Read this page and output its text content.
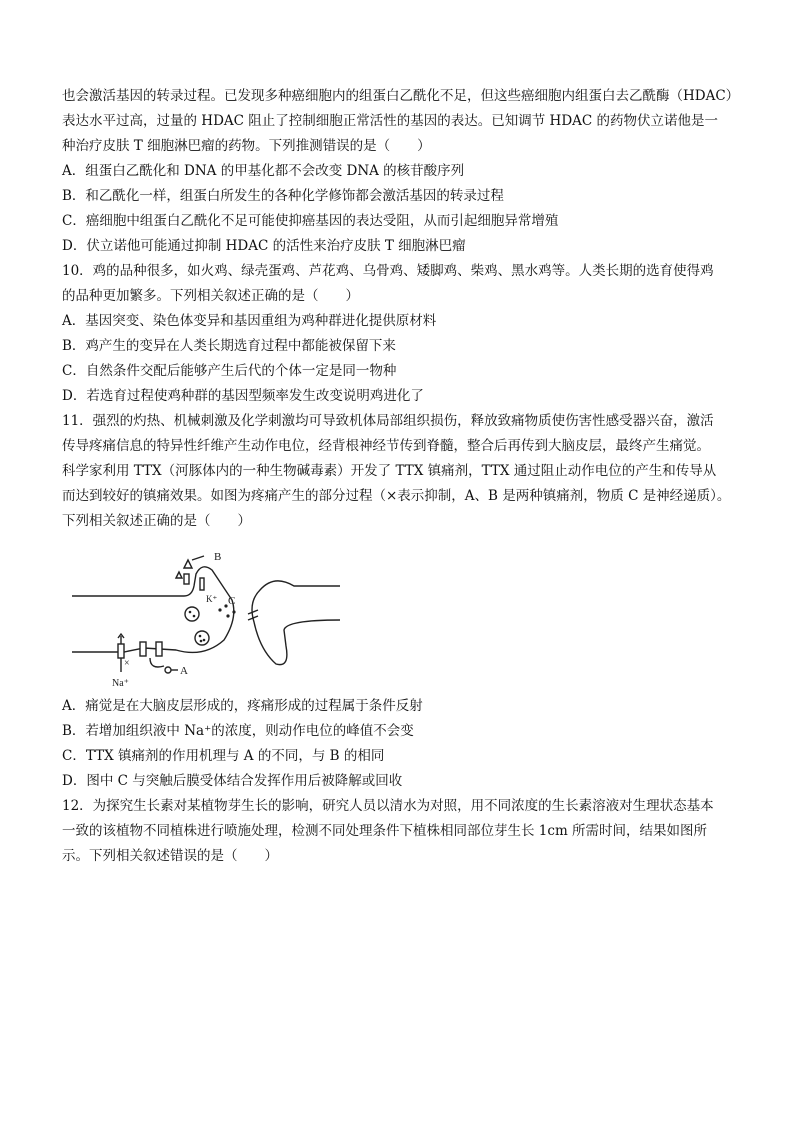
也会激活基因的转录过程。已发现多种癌细胞内的组蛋白乙酰化不足，但这些癌细胞内组蛋白去乙酰酶（HDAC）
表达水平过高，过量的 HDAC 阻止了控制细胞正常活性的基因的表达。已知调节 HDAC 的药物伏立诺他是一
种治疗皮肤 T 细胞淋巴瘤的药物。下列推测错误的是（　　）
A．组蛋白乙酰化和 DNA 的甲基化都不会改变 DNA 的核苷酸序列
B．和乙酰化一样，组蛋白所发生的各种化学修饰都会激活基因的转录过程
C．癌细胞中组蛋白乙酰化不足可能使抑癌基因的表达受阻，从而引起细胞异常增殖
D．伏立诺他可能通过抑制 HDAC 的活性来治疗皮肤 T 细胞淋巴瘤
10．鸡的品种很多，如火鸡、绿壳蛋鸡、芦花鸡、乌骨鸡、矮脚鸡、柴鸡、黑水鸡等。人类长期的选育使得鸡
的品种更加繁多。下列相关叙述正确的是（　　）
A．基因突变、染色体变异和基因重组为鸡种群进化提供原材料
B．鸡产生的变异在人类长期选育过程中都能被保留下来
C．自然条件交配后能够产生后代的个体一定是同一物种
D．若选育过程使鸡种群的基因型频率发生改变说明鸡进化了
11．强烈的灼热、机械刺激及化学刺激均可导致机体局部组织损伤，释放致痛物质使伤害性感受器兴奋，激活
传导疼痛信息的特异性纤维产生动作电位，经背根神经节传到脊髓，整合后再传到大脑皮层，最终产生痛觉。
科学家利用 TTX（河豚体内的一种生物碱毒素）开发了 TTX 镇痛剂，TTX 通过阻止动作电位的产生和传导从
而达到较好的镇痛效果。如图为疼痛产生的部分过程（×表示抑制，A、B 是两种镇痛剂，物质 C 是神经递质）。
下列相关叙述正确的是（　　）
C
K⁺
B
×
Na⁺
A
A．痛觉是在大脑皮层形成的，疼痛形成的过程属于条件反射
B．若增加组织液中 Na⁺的浓度，则动作电位的峰值不会变
C．TTX 镇痛剂的作用机理与 A 的不同，与 B 的相同
D．图中 C 与突触后膜受体结合发挥作用后被降解或回收
12．为探究生长素对某植物芽生长的影响，研究人员以清水为对照，用不同浓度的生长素溶液对生理状态基本
一致的该植物不同植株进行喷施处理，检测不同处理条件下植株相同部位芽生长 1cm 所需时间，结果如图所
示。下列相关叙述错误的是（　　）
